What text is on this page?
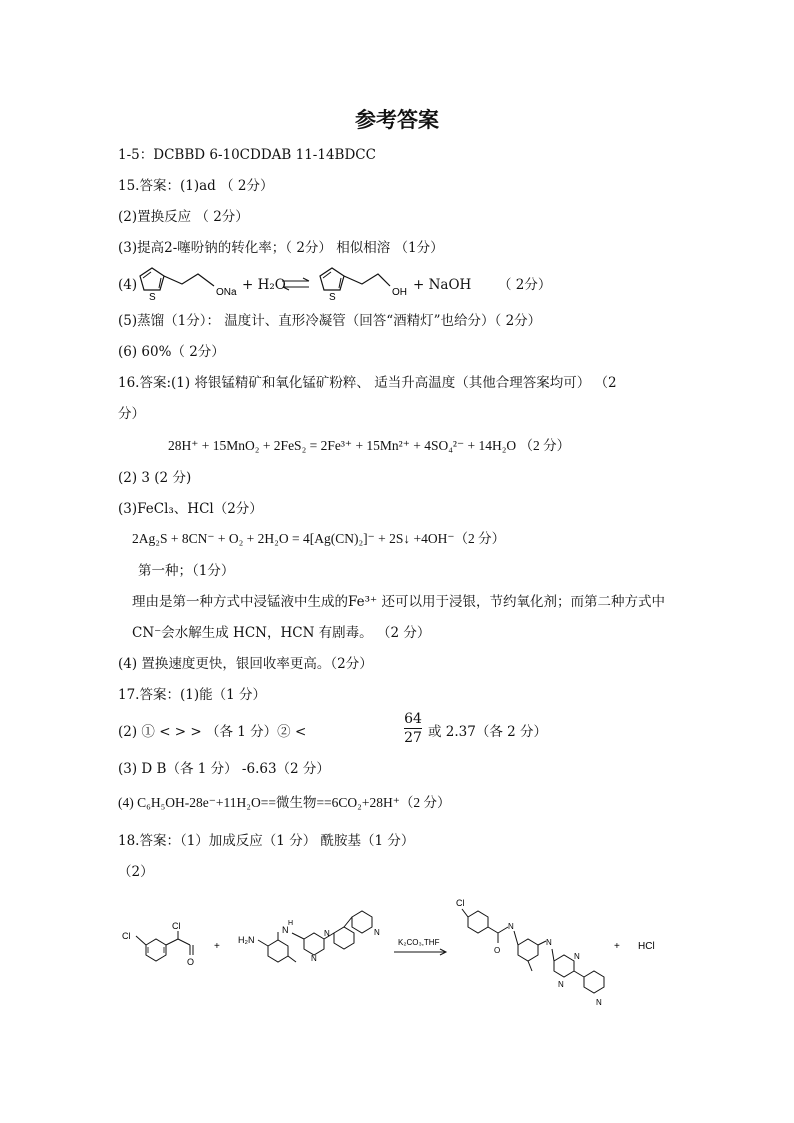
参考答案
1-5：DCBBD 6-10CDDAB 11-14BDCC
15.答案：(1)ad （ 2分）
(2)置换反应 （ 2分）
(3)提高2-噻吩钠的转化率；（ 2分） 相似相溶 （1分）
(4)
S	ONa + H₂O
S	OH + NaOH （ 2分）
(5)蒸馏（1分）： 温度计、直形冷凝管（回答“酒精灯”也给分）（ 2分）
(6) 60%（ 2分）
16.答案:(1) 将银锰精矿和氧化锰矿粉粹、 适当升高温度（其他合理答案均可） （2
分）
28H⁺ + 15MnO₂ + 2FeS₂ = 2Fe³⁺ + 15Mn²⁺ + 4SO₄²⁻ + 14H₂O （2 分）
(2) 3 (2 分)
(3)FeCl₃、HCl（2分）
2Ag₂S + 8CN⁻ + O₂ + 2H₂O = 4[Ag(CN)₂]⁻ + 2S↓ +4OH⁻（2 分）
第一种；（1分）
理由是第一种方式中浸锰液中生成的Fe³⁺ 还可以用于浸银，节约氧化剂；而第二种方式中
CN⁻会水解生成 HCN，HCN 有剧毒。 （2 分）
(4) 置换速度更快，银回收率更高。（2分）
17.答案：(1)能（1 分）
(2) ① < > > （各 1 分）② <
64
27 或 2.37（各 2 分）
(3) D B（各 1 分） -6.63（2 分）
(4) C₆H₅OH-28e⁻+11H₂O==微生物==6CO₂+28H⁺（2 分）
18.答案：（1）加成反应（1 分） 酰胺基（1 分）
（2）
Cl
Cl
O
+
H₂N
N
H
N
N	N
K₂CO₃,THF
Cl
O
N
N
N
N
N
+ HCl
